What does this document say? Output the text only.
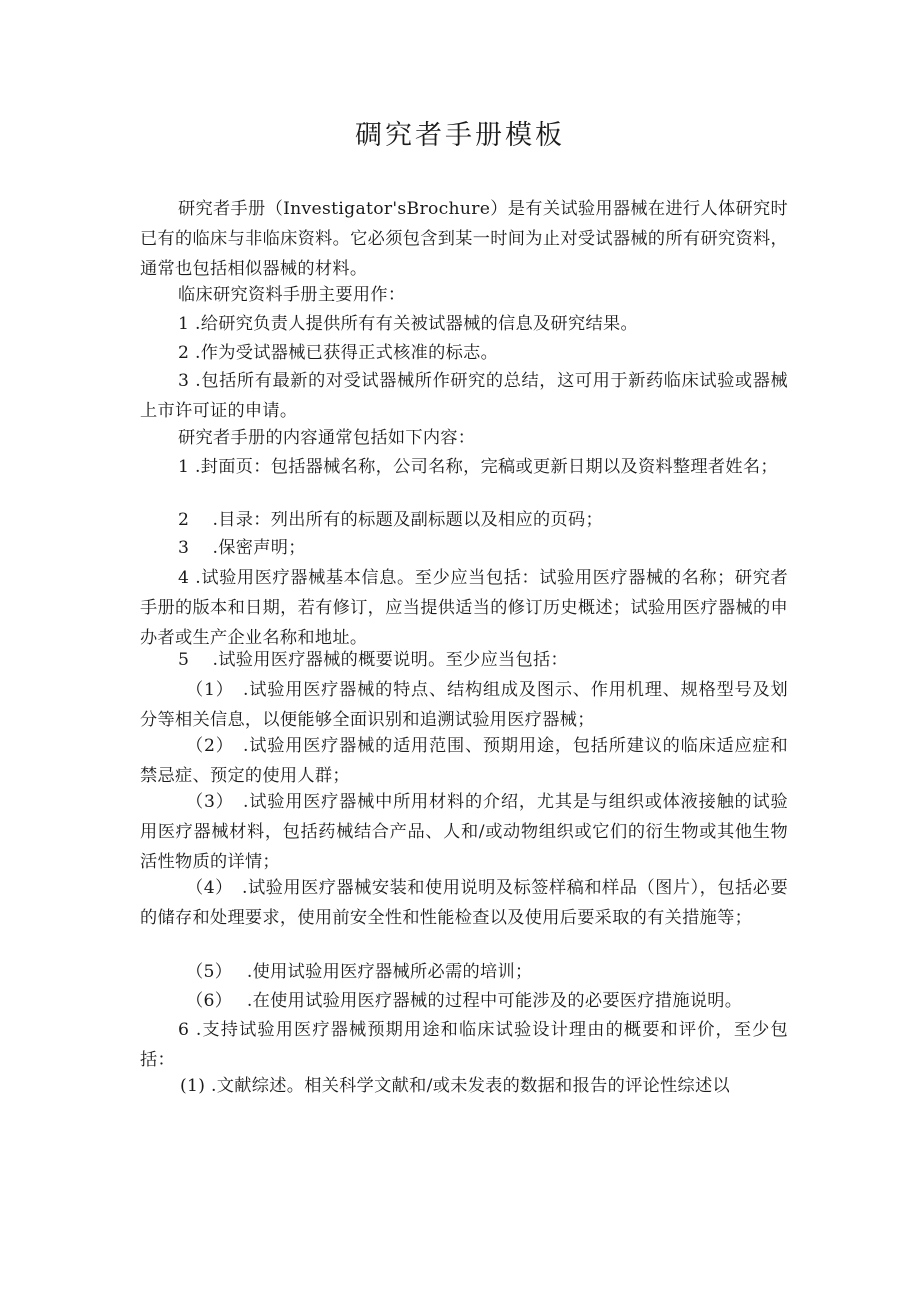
碉究者手册模板

研究者手册（Investigator'sBrochure）是有关试验用器械在进行人体研究时已有的临床与非临床资料。它必须包含到某一时间为止对受试器械的所有研究资料，通常也包括相似器械的材料。

临床研究资料手册主要用作：

1 .给研究负责人提供所有有关被试器械的信息及研究结果。

2 .作为受试器械已获得正式核准的标志。

3 .包括所有最新的对受试器械所作研究的总结，这可用于新药临床试验或器械上市许可证的申请。

研究者手册的内容通常包括如下内容：

1 .封面页：包括器械名称，公司名称，完稿或更新日期以及资料整理者姓名；

2　 .目录：列出所有的标题及副标题以及相应的页码；

3　 .保密声明；

4 .试验用医疗器械基本信息。至少应当包括：试验用医疗器械的名称；研究者手册的版本和日期，若有修订，应当提供适当的修订历史概述；试验用医疗器械的申办者或生产企业名称和地址。

5　 .试验用医疗器械的概要说明。至少应当包括：

（1）　.试验用医疗器械的特点、结构组成及图示、作用机理、规格型号及划分等相关信息，以便能够全面识别和追溯试验用医疗器械；

（2）　.试验用医疗器械的适用范围、预期用途，包括所建议的临床适应症和禁忌症、预定的使用人群；

（3）　.试验用医疗器械中所用材料的介绍，尤其是与组织或体液接触的试验用医疗器械材料，包括药械结合产品、人和/或动物组织或它们的衍生物或其他生物活性物质的详情；

（4）　.试验用医疗器械安装和使用说明及标签样稿和样品（图片），包括必要的储存和处理要求，使用前安全性和性能检查以及使用后要采取的有关措施等；

（5）　 .使用试验用医疗器械所必需的培训；

（6）　 .在使用试验用医疗器械的过程中可能涉及的必要医疗措施说明。

6 .支持试验用医疗器械预期用途和临床试验设计理由的概要和评价，至少包括：

(1) .文献综述。相关科学文献和/或未发表的数据和报告的评论性综述以
